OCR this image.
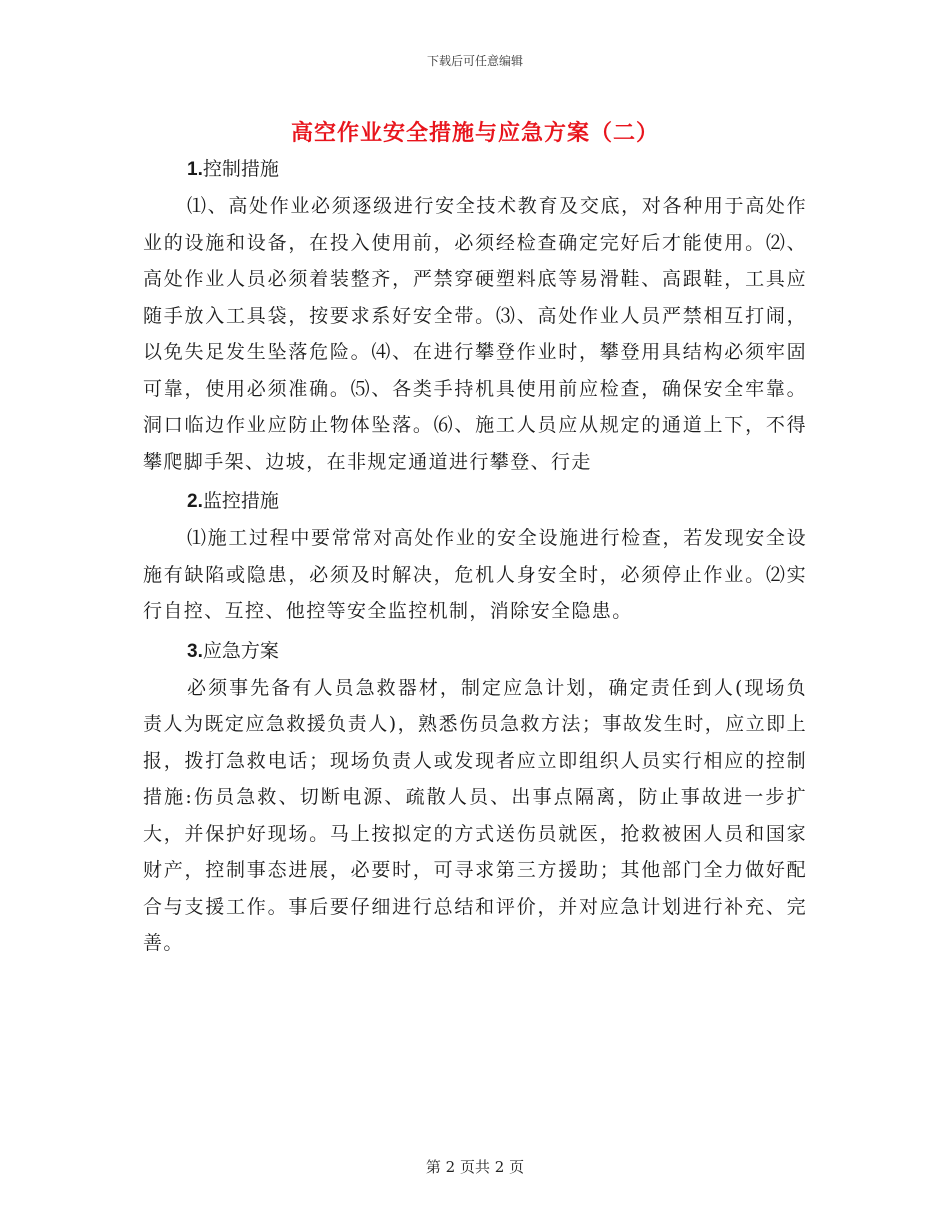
下载后可任意编辑
高空作业安全措施与应急方案（二）
1.控制措施

⑴、高处作业必须逐级进行安全技术教育及交底，对各种用于高处作业的设施和设备，在投入使用前，必须经检查确定完好后才能使用。⑵、高处作业人员必须着装整齐，严禁穿硬塑料底等易滑鞋、高跟鞋，工具应随手放入工具袋，按要求系好安全带。⑶、高处作业人员严禁相互打闹，以免失足发生坠落危险。⑷、在进行攀登作业时，攀登用具结构必须牢固可靠，使用必须准确。⑸、各类手持机具使用前应检查，确保安全牢靠。洞口临边作业应防止物体坠落。⑹、施工人员应从规定的通道上下，不得攀爬脚手架、边坡，在非规定通道进行攀登、行走

2.监控措施

⑴施工过程中要常常对高处作业的安全设施进行检查，若发现安全设施有缺陷或隐患，必须及时解决，危机人身安全时，必须停止作业。⑵实行自控、互控、他控等安全监控机制，消除安全隐患。

3.应急方案

必须事先备有人员急救器材，制定应急计划，确定责任到人(现场负责人为既定应急救援负责人)，熟悉伤员急救方法；事故发生时，应立即上报，拨打急救电话；现场负责人或发现者应立即组织人员实行相应的控制措施:伤员急救、切断电源、疏散人员、出事点隔离，防止事故进一步扩大，并保护好现场。马上按拟定的方式送伤员就医，抢救被困人员和国家财产，控制事态进展，必要时，可寻求第三方援助；其他部门全力做好配合与支援工作。事后要仔细进行总结和评价，并对应急计划进行补充、完善。

第 2 页共 2 页
